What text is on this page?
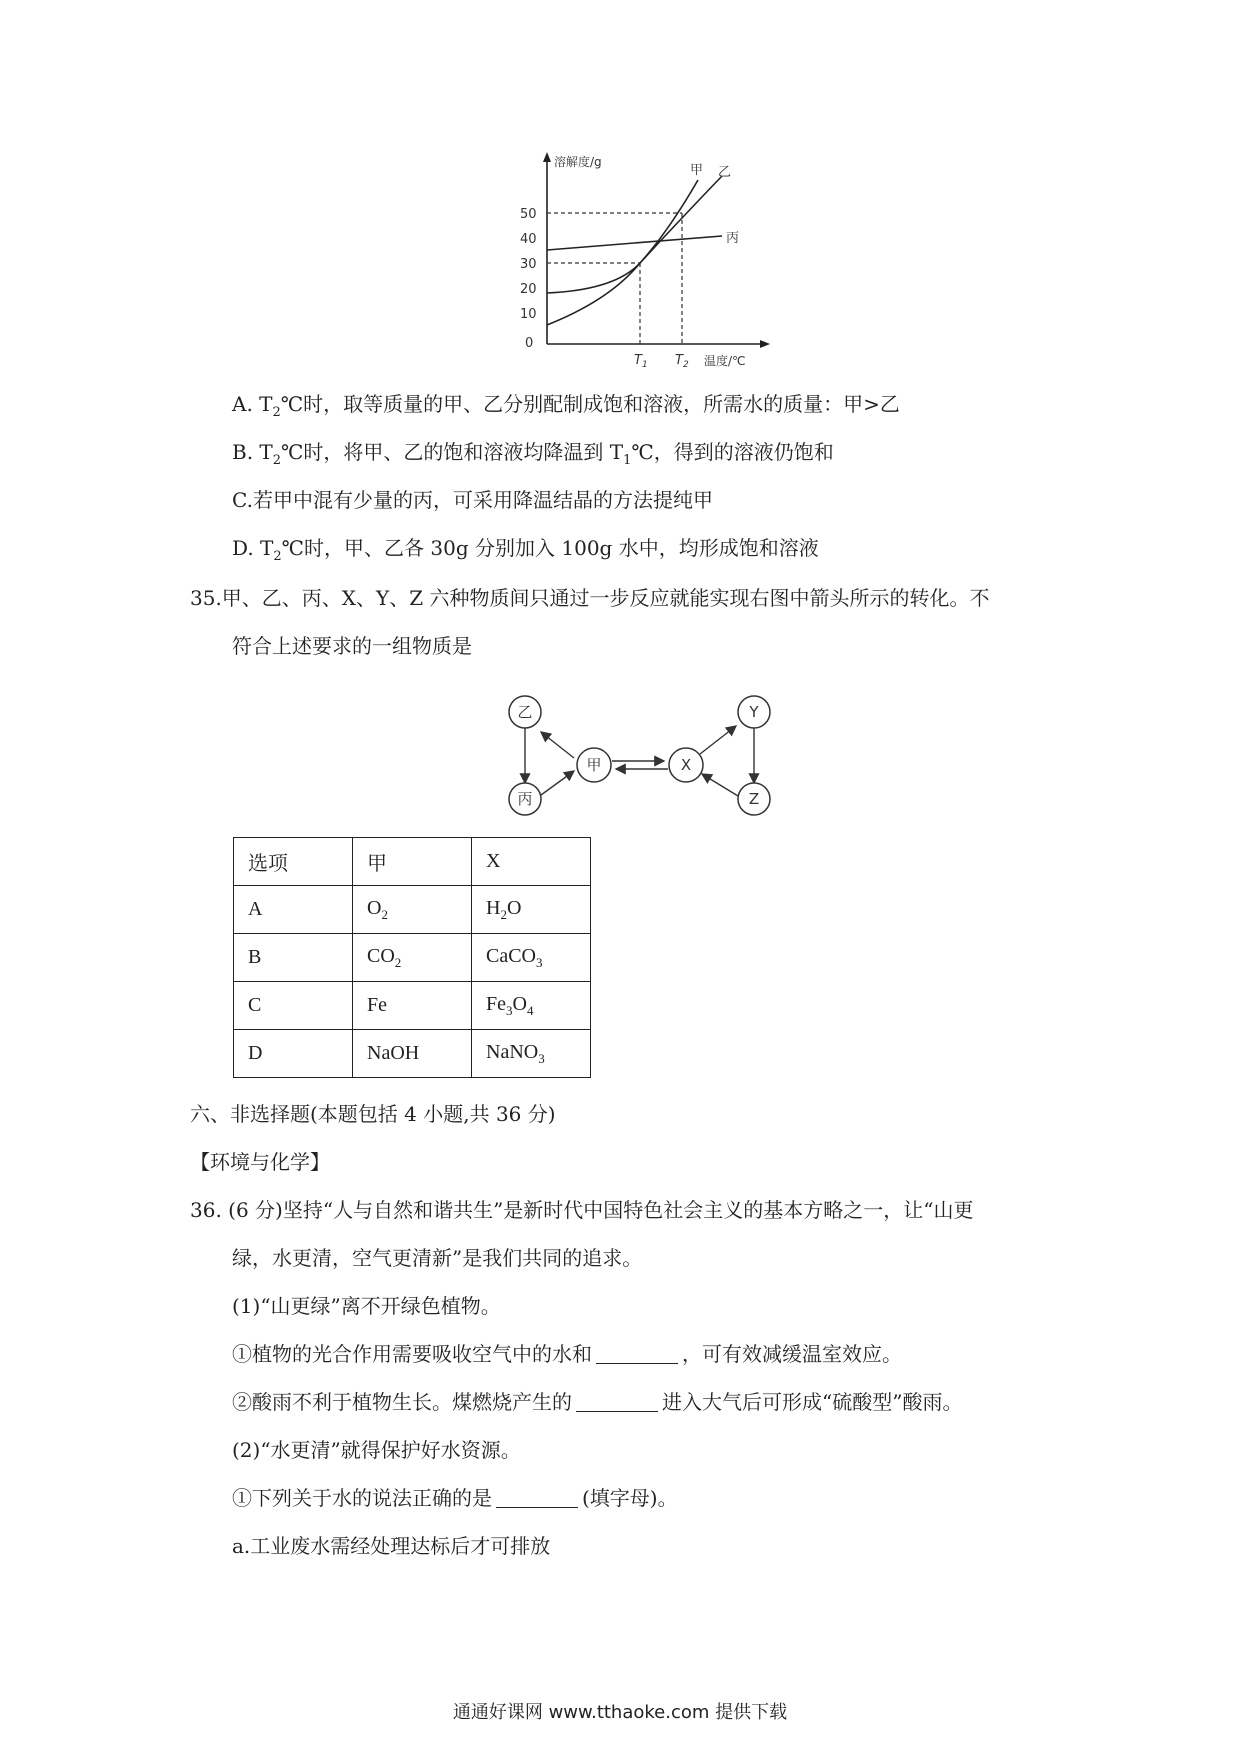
溶解度/g
50
40
30
20
10
0
甲 乙
丙
$T_1$ $T_2$ 温度/℃
A. $T_2℃$时，取等质量的甲、乙分别配制成饱和溶液，所需水的质量：甲>乙
B. $T_2℃$时，将甲、乙的饱和溶液均降温到 $T_1℃$，得到的溶液仍饱和
C.若甲中混有少量的丙，可采用降温结晶的方法提纯甲
D. $T_2℃$时，甲、乙各 30g 分别加入 100g 水中，均形成饱和溶液
35.甲、乙、丙、X、Y、Z 六种物质间只通过一步反应就能实现右图中箭头所示的转化。不
符合上述要求的一组物质是
乙
丙
甲	X
Y
Z
选项	甲	X
A	$O_2$	$H_2O$
B	$CO_2$	CaCO$_3$
C	Fe	$Fe_3O_4$
D	NaOH	NaNO$_3$
六、非选择题(本题包括 4 小题,共 36 分)
【环境与化学】
36. (6 分)坚持“人与自然和谐共生”是新时代中国特色社会主义的基本方略之一，让“山更
绿，水更清，空气更清新”是我们共同的追求。
(1)“山更绿”离不开绿色植物。
①植物的光合作用需要吸收空气中的水和	，可有效减缓温室效应。
②酸雨不利于植物生长。煤燃烧产生的	进入大气后可形成“硫酸型”酸雨。
(2)“水更清”就得保护好水资源。
①下列关于水的说法正确的是	(填字母)。
a.工业废水需经处理达标后才可排放
通通好课网 www.tthaoke.com 提供下载
